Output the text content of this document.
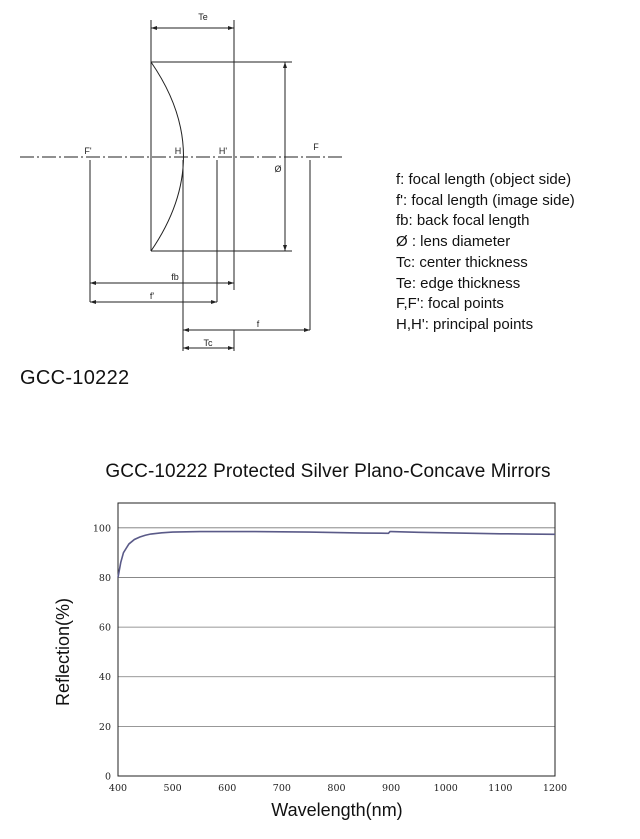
Te
F'	H	H'	F
Ø
fb
f'
f
Tc
f: focal length (object side)
f': focal length (image side)
fb: back focal length
Ø : lens diameter
Tc: center thickness
Te: edge thickness
F,F': focal points
H,H': principal points
GCC-10222
GCC-10222 Protected Silver Plano-Concave Mirrors
0
20
40
60
80
100
400	500	600	700	800	900	1000	1100	1200
Wavelength(nm)
Reflection(%)
